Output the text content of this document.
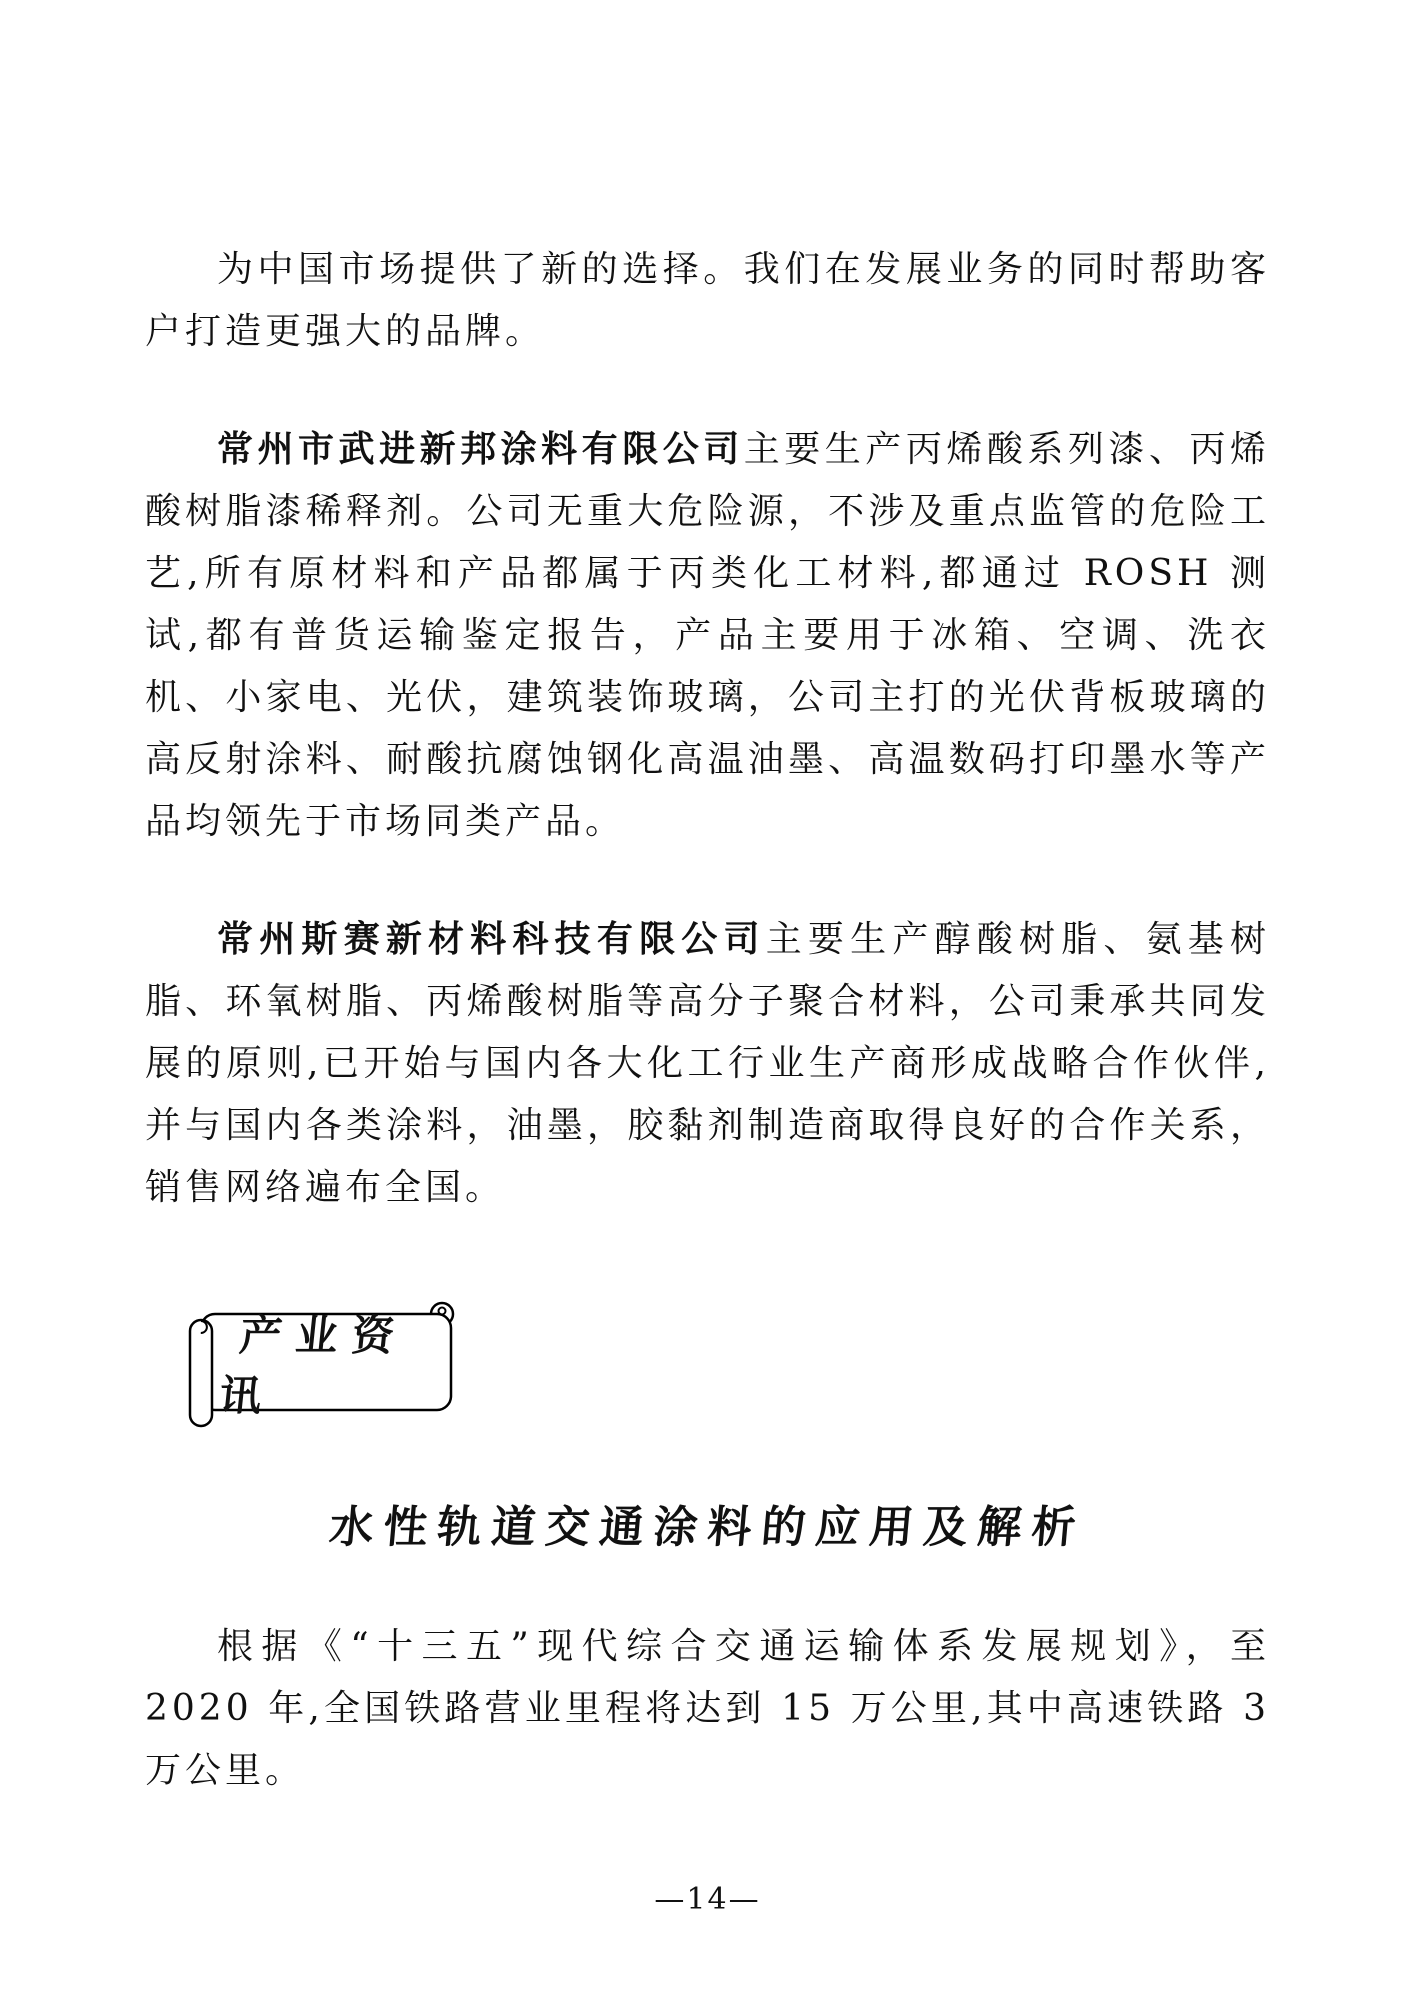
为中国市场提供了新的选择。我们在发展业务的同时帮助客户打造更强大的品牌。

常州市武进新邦涂料有限公司主要生产丙烯酸系列漆、丙烯酸树脂漆稀释剂。公司无重大危险源，不涉及重点监管的危险工艺,所有原材料和产品都属于丙类化工材料,都通过 ROSH 测试,都有普货运输鉴定报告，产品主要用于冰箱、空调、洗衣机、小家电、光伏，建筑装饰玻璃，公司主打的光伏背板玻璃的高反射涂料、耐酸抗腐蚀钢化高温油墨、高温数码打印墨水等产品均领先于市场同类产品。

常州斯赛新材料科技有限公司主要生产醇酸树脂、氨基树脂、环氧树脂、丙烯酸树脂等高分子聚合材料，公司秉承共同发展的原则,已开始与国内各大化工行业生产商形成战略合作伙伴,并与国内各类涂料，油墨，胶黏剂制造商取得良好的合作关系，销售网络遍布全国。

产业资讯
水性轨道交通涂料的应用及解析

根据《“十三五”现代综合交通运输体系发展规划》，至 2020 年,全国铁路营业里程将达到 15 万公里,其中高速铁路 3 万公里。

—14—
